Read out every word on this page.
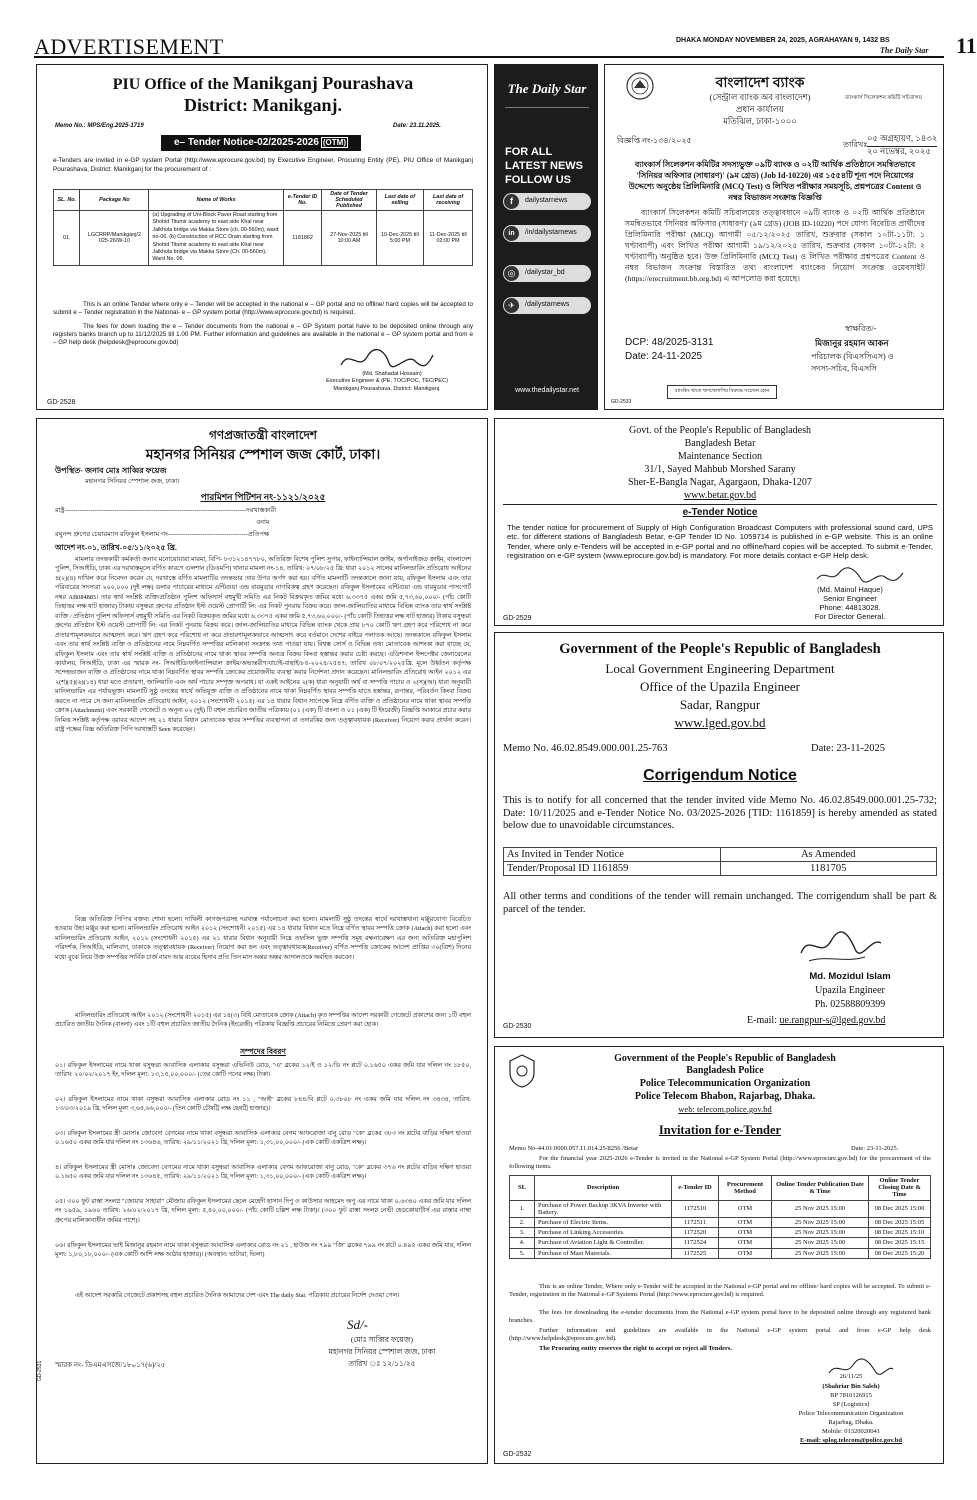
ADVERTISEMENT	DHAKA MONDAY NOVEMBER 24, 2025, AGRAHAYAN 9, 1432 BS
The Daily Star 11
PIU Office of the Manikganj Pourashava
District: Manikganj.
Memo No.: MPS/Eng.2025-1719	Date: 23.11.2025.
e– Tender Notice-02/2025-2026 (OTM)
e-Tenders are invited in e-GP system Portal (http://www.eprocure.gov.bd) by Executive Engineer, Procuring Entity (PE), PIU Office of Manikganj Pourashava, District: Manikganj for the procurement of :
SL. No.	Package No	Name of Works	e-Tender ID No.	Date of Tender Scheduled Published	Last date of selling	Last date of receiving
01.	LGCRRP/Manikganj/2 025-26/W-10	(a) Upgrading of Uni-Block Paver Road starting from Shohid Titumir academy to east side Khal near Jalkhola bridge via Makka Store (ch. 00-560m), ward no-06. (b) Construction of RCC Drain starting from Shohid Titumir academy to east side Khal near Jalkhola bridge via Makka Store (Ch. 00-560m), Ward No. 06.	1181862	27-Nov-2025 till 10:00 AM	10-Dec-2025 till 5:00 PM	11-Dec-2025 till 02:00 PM
This is an online Tender where only e – Tender will be accepted in the national e – GP portal and no offline/ hard copies will be accepted to submit e – Tender registration in the National- e – GP system portal (http://www.eprocure.gov.bd) is required.
The fees for down loading the e – Tender documents from the national e – GP System portal have to be deposited online through any registers banks branch up to 11/12/2025 till 1.00 PM. Further information and guidelines are available in the national e – GP system portal and from e – GP help desk (helpdesk@eprocure.gov.bd)
(Md. Shahadat Hossain)
Executive Engineer & (PE, TOC/POC, TEC/PEC)
Manikganj Pourashava, District: Manikganj.
GD-2528
The Daily Star
FOR ALL LATEST NEWS FOLLOW US
f	dailystarnews
in	/in/dailystarnews
◎	/dailystar_bd
✈	/dailystarnews
www.thedailystar.net
বাংলাদেশ ব্যাংক
(সেন্ট্রাল ব্যাংক অব বাংলাদেশ)
প্রধান কার্যালয়
মতিঝিল, ঢাকা-১০০০
ব্যাংকার্স সিলেকশন কমিটি সচিবালয়
বিজ্ঞপ্তি নং-১৩৪/২০২৫	তারিখঃ
০৫ অগ্রহায়ণ, ১৪৩২
২০ নভেম্বর, ২০২৫
ব্যাংকার্স সিলেকশন কমিটির সদস্যভুক্ত ০৯টি ব্যাংক ও ০২টি আর্থিক প্রতিষ্ঠানে সমন্বিতভাবে 'সিনিয়র অফিসার (সাধারণ)' (৯ম গ্রেড) (Job Id-10220) এর ১৫৫৪টি শূন্য পদে নিয়োগের উদ্দেশ্যে অনুষ্ঠেয় প্রিলিমিনারি (MCQ Test) ও লিখিত পরীক্ষার সময়সূচি, প্রশ্নপত্রের Content ও নম্বর বিভাজন সংক্রান্ত বিজ্ঞপ্তি
ব্যাংকার্স সিলেকশন কমিটি সচিবালয়ের তত্ত্বাবধানে ০৯টি ব্যাংক ও ০২টি আর্থিক প্রতিষ্ঠানে সমন্বিতভাবে 'সিনিয়র অফিসার (সাধারণ)' (৯ম গ্রেড) (JOB ID-10220) পদে যোগ্য বিবেচিত প্রার্থীদের প্রিলিমিনারি পরীক্ষা (MCQ) আগামী ০৫/১২/২০২৫ তারিখ, শুক্রবার (সকাল ১০টা-১১টা: ১ ঘণ্টাব্যাপী) এবং লিখিত পরীক্ষা আগামী ১৯/১২/২০২৫ তারিখ, শুক্রবার (সকাল ১০টা-১২টা: ২ ঘণ্টাব্যাপী) অনুষ্ঠিত হবে। উক্ত প্রিলিমিনারি (MCQ Test) ও লিখিত পরীক্ষার প্রশ্নপত্রের Content ও নম্বর বিভাজন সংক্রান্ত বিস্তারিত তথ্য বাংলাদেশ ব্যাংকের নিয়োগ সংক্রান্ত ওয়েবসাইট (https://erecruitment.bb.org.bd) এ আপলোড করা হয়েছে।
স্বাক্ষরিত/-
DCP: 48/2025-3131
Date: 24-11-2025
মিজানুর রহমান আকন
পরিচালক (বিএসসিএস) ও
সদস্য-সচিব, বিএসসি
ব্যাংকিং খাতে ঋণখেলাপির বিরুদ্ধে সচেতন হোন
GD-2533
গণপ্রজাতন্ত্রী বাংলাদেশ
মহানগর সিনিয়র স্পেশাল জজ কোর্ট, ঢাকা।
উপস্থিত- জনাব মোঃ সাব্বির ফয়েজ
মহানগর সিনিয়র স্পেশাল জজ, ঢাকা।
পারমিশন পিটিশন নং-১১২১/২০২৫
রাষ্ট্র------------------------------------------------------------------------------------দরখাস্তকারী
বনাম
রঘুনন্দ গ্রুপের চেয়ারম্যান রফিকুল ইসলাম গং-------------------------------------প্রতিপক্ষ
আদেশ নং-০১, তারিখ-০৫/১১/২০২৫ খ্রি.
মামলার তদন্তকারী কর্মকর্তা জনাব মনোয়োয়ারা মারমা, বিপি- ৮৩১২১৪৭৭৮০, অতিরিক্ত বিশেষ পুলিশ সুপার, ফাইন্যান্সিয়াল ক্রাইম, অর্গানাইজড ক্রাইম, বাংলাদেশ পুলিশ, সিআইডি, ঢাকা এর দরখাস্তমূলে বর্ণিত কারণে গুলশান (ডিএমপি) থানার মামলা নং-১৪, তারিখ: ০৭/০৮/২৫ খ্রি: ধারা ২০১২ সালের মানিলন্ডারিং প্রতিরোধ আইনের ৪(২)(৪) দাখিল করে নিবেদন করেন যে, দরখাস্তে বর্ণিত মামলাটির তদন্তভার তার উপর অর্পণ করা হয়। বর্ণিত মামলাটি তদন্তকালে জানা যায়, রফিকুল ইসলাম এবং তার পরিবারের সদস্যরা ২০০,০০০ (দুই লক্ষ) ডলার পাচারের মাধ্যমে এন্টিগুয়া এন্ড বারমুডার নাগরিকত্ব গ্রহণ করেছেন। রফিকুল ইসলামের এন্টিগুয়া এন্ড বারমুডার পাসপোর্ট নম্বর AB084885। তার স্বার্থ সংশ্লিষ্ট ব্যক্তি/প্রতিষ্ঠান পুলিশ অফিসার্স বহুমুখী সমিতি এর নিকট বিক্রয়কৃত জমির মধ্যে ৬.৩৩৭৫ একর জমি ৫,৭৩,৬০,০০০/- (পাঁচ কোটি তিহাত্তর লক্ষ ষাট হাজার) টাকায় বসুন্ধরা গ্রুপের প্রতিষ্ঠান ইস্ট ওয়েস্ট প্রোপার্টি লি: এর নিকট পুনরায় বিক্রয় করে। জাল-জালিয়াতির মাধ্যমে বিভিন্ন ব্যাংক তার স্বার্থ সংশ্লিষ্ট ব্যক্তি / প্রতিষ্ঠান পুলিশ অফিসার্স বহুমুখী সমিতি এর নিকট বিক্রয়কৃত জমির মধ্যে ৬.৩৩৭৫ একর জমি ৫,৭৩,৬০,০০০/- (পাঁচ কোটি তিহাত্তর লক্ষ ষাট হাজার) টাকায় বসুন্ধরা গ্রুপের প্রতিষ্ঠান ইস্ট ওয়েস্ট প্রোপার্টি লি: এর নিকট পুনরায় বিক্রয় করে। জাল-জালিয়াতির মাধ্যমে বিভিন্ন ব্যাংক থেকে প্রায় ৮৭০ কোটি ঋণ গ্রহণ করে পরিশোধ না করে প্রতারণামূলকভাবে আত্মসাৎ করে। ঋণ গ্রহণ করে পরিশোধ না করে প্রতারণামূলকভাবে আত্মসাৎ করে বর্তমানে দেশের বাইরে পলাতক আছে। তদন্তকালে রফিকুল ইসলাম এবং তার স্বার্থ সংশ্লিষ্ট ব্যক্তি ও প্রতিষ্ঠানের নামে নিম্নবর্ণিত সম্পত্তির মালিকানা সংক্রান্ত তথ্য পাওয়া যায়। বিশ্বস্ত সোর্স ও বিভিন্ন তথ্য মোতাবেক আশংকা করা যাচ্ছে যে, রফিকুল ইসলাম এবং তার স্বার্থ সংশ্লিষ্ট ব্যক্তি ও প্রতিষ্ঠানের নামে থাকা স্থাবর সম্পত্তি অন্যত্র বিক্রয় কিংবা হস্তান্তর করার চেষ্টা করছে। এডিশনাল ইন্সপেক্টর জেনারেলের কার্যালয়, সিআইডি, ঢাকা এর স্মারক নং- সিআইডি/ফাইন্যান্সিয়াল ক্রাইম/অভ্যন্তরীণ/যাচাই-বাছাই/৮৫-২০২৪/২৫৪৭; তারিখ ০৮/০৭/২০২৫খ্রি. মূলে উর্ধ্বতন কর্তৃপক্ষ সন্দেহভাজন ব্যক্তি ও প্রতিষ্ঠানের নামে থাকা নিম্নবর্ণিত স্থাবর সম্পত্তি ক্রোকের প্রয়োজনীয় ব্যবস্থা করার নির্দেশনা প্রদান করেছেন। মানিলন্ডারিং প্রতিরোধ আইন ২০১২ এর ২(শ)(৫)(৬)(১৪) ধারা মতে প্রতারণা, জালিয়াতি এবং অর্থ পাচার সম্পৃক্ত অপরাধ। যা একই আইনের ২(ক) ধারা অনুযায়ী অর্থ বা সম্পত্তি পাচার ও ২(স)(আ) ধারা অনুযায়ী মানিলন্ডারিং এর পর্যায়ভুক্ত। মামলাটি সুষ্ঠু তদন্তের স্বার্থে অভিযুক্ত ব্যক্তি ও প্রতিষ্ঠানের নামে থাকা নিম্নবর্ণিত স্থাবর সম্পত্তি যাতে হস্তান্তর, রূপান্তর, পরিবর্তন কিংবা বিক্রয় করতে না পারে সে জন্য মানিলন্ডারিং প্রতিরোধ আইন, ২০১২ (সংশোধনী ২০১৫) এর ১৪ ধারার বিধান সাপেক্ষে নিম্নে বর্ণিত ব্যক্তি ও প্রতিষ্ঠানের নামে থাকা স্থাবর সম্পত্তি ক্রোক (Attachment) এবং সরকারী গেজেটে ও অনূন্য ০২ (দুই) টি বহুল প্রচারিত জাতীয় পত্রিকায় (০১ (এক) টি বাংলা ও ০১ (এক) টি ইংরেজী) বিজ্ঞপ্তি আকারে প্রচার করার নিমিত্ত সংশ্লিষ্ট কর্তৃপক্ষ বরাবর আদেশ সহ ২১ ধারার বিধান মোতাবেক স্থাবর সম্পত্তির ব্যবস্থাপনা বা তদারকির জন্য তত্ত্বাবধায়ক (Receiver) নিয়োগ করার প্রার্থনা করেন। রাষ্ট্র পক্ষের বিজ্ঞ অতিরিক্ত পিপি দরখাস্তটি Seen করেছেন।
বিজ্ঞ অতিরিক্ত পিপি'র বক্তব্য শোনা হলো। দাখিলী কাগজপত্রসহ দরখাস্ত পর্যালোচনা করা হলো। মামলাটি সুষ্ঠু তদন্তের স্বার্থে দরখাস্তখানা মঞ্জুরযোগ্য বিবেচিত হওয়ায় উহা মঞ্জুর করা হলো। মানিলন্ডারিং প্রতিরোধ আইন ২০১২ (সংশোধনী ২০১৫) এর ১৪ ধারার বিধান মতে নিম্নে বর্ণিত স্থাবর সম্পত্তি ক্রোক (Attach) করা হলো এবং মানিলন্ডারিং প্রতিরোধ আইন, ২০১২ (সংশোধনী ২০১৫) এর ২১ ধারার বিধান অনুযায়ী নিম্নে তফসিল ভুক্ত সম্পত্তি সমূহ রক্ষনাবেক্ষণ এর জন্য অতিরিক্ত মহাপুলিশ পরিদর্শক, সিআইডি, মালিবাগ, ঢাকাকে তত্ত্বাবধায়ক (Receiver) নিয়োগ করা হল এবং তত্ত্বাবধায়ক(Receiver) বর্ণিত সম্পত্তি ক্রোকের আদেশ প্রাপ্তির ৩০(ত্রিশ) দিনের মধ্যে বুঝে নিয়ে উক্ত সম্পত্তির সার্বিক চার্জ বাবদ আয় ব্যয়ের হিসাব প্রতি তিন মাস অন্তর অন্তর আদালতকে অবহিত করবেন।
মানিলন্ডারিং প্রতিরোধ আইন ২০১২ (সংশোধনী ২০১৫) এর ১৪(৩) বিধি মোতাবেক ক্রোক (Attach) কৃত সম্পত্তির আদেশ সরকারী গেজেটে প্রকাশের জন্য ১টি বহুল প্রচারিত জাতীয় দৈনিক (বাংলা) এবং ১টি বহুল প্রচারিত জাতীয় দৈনিক (ইংরেজী) পত্রিকায় বিজ্ঞপ্তি প্রচারের নিমিত্তে প্রেরণ করা হোক।
সম্পদের বিবরণ
০১। রফিকুল ইসলামের নামে থাকা বসুন্ধরা আবাসিক এলাকার বসুন্ধরা এভিনিউ রোড, "এ" ব্লকের ১২/ই ও ১২/ডি নং প্লটে ০.১৬৫০ একর জমি যার দলিল নং ১৮৫০, তারিখ: ২০/০২/২০১৭ ইং, দলিল মূল্য: ১৩,১৫,০০,০০০/- (তের কোটি পনের লক্ষ) টাকা।
০২। রফিকুল ইসলামের নামে থাকা বসুন্ধরা আবাসিক এলাকার রোড নং ১১ , "আই" ব্লকের ৮৪৪/বি প্লটে ০.৩৮০৮ নং একর জমি যার দলিল নং ৩৪৩৪, তারিখ: ১৩/০৩/২০১৯ খ্রি, দলিল মূল্য ৩,৬৪,৬৬,০০০/- (তিন কোটি চৌষট্টি লক্ষ ছেষট্টি হাজার)।
০৩। রফিকুল ইসলামের স্ত্রী মোসাঃ জোবেদা বেগমের নামে থাকা বসুন্ধরা আবাসিক এলাকার বেগম আফরোজা বানু রোড "কে" ব্লকের ৩৮৩ নং প্লটের বাড়ির দক্ষিণ হাওয়া ০.১৬৫০ একর জমি যার দলিল নং ১৩৬৪৬, তারিখ: ২৯/১১/২০২১ খ্রি, দলিল মূল্য: ১,৩১,০০,০০০/- (এক কোটি একত্রিশ লক্ষ)।
৪। রফিকুল ইসলামের স্ত্রী মোসাঃ জোবেদা বেগমের নামে থাকা বসুন্ধরা আবাসিক এলাকার বেগম আফরোজা বানু রোড, "কে" ব্লকের ৩৭৬ নং প্লটের বাড়ির দক্ষিণ হাওয়া ০.১৬৫০ একর জমি যার দলিল নং ১৩৬৪৫, তারিখ: ২৯/১১/২০২১ খ্রি, দলিল মূল্য: ১,৩১,০০,০০০/- (এক কোটি একত্রিশ লক্ষ)।
০৫। ৩০০ ফুট রাস্তা সংলগ্ন "জোয়ার সাহারা" মৌজায় রফিকুল ইসলামের ছেলে মেহেদী হাসান দিপু ও কাউসার আহমেদ অপু এর নামে থাকা ০.৬৩৪০ একর জমি যার দলিল নং ১৯৫৯, ১৯৬০ তারিখ: ২৬/০২/২০১৭ খ্রি, দলিল মূল্য: ৫,৪০,০০,০০০/- (পাঁচ কোটি চল্লিশ লক্ষ টাকা)। (৩০০ ফুট রাস্তা সংলগ্ন নেভী হেডকোয়ার্টার্স এর রাস্তার নাম্বা গ্রুপের মালিকানাধীন জমির পাশে)।
০৬। রফিকুল ইসলামের ভাই মিজানুর রহমান নামে থাকা বসুন্ধরা আবাসিক এলাকার রোড নং ২১ , হাউজ নং ৭৯৯ "জি" ব্লকের ৭৯৯ নং প্লটে ০.৪৯৫ একর জমি যার, দলিল মূল্য: ১,৮০,১৮,০০০/- (এক কোটি আশি লক্ষ আঠার হাজার)। (অবস্থান: ভাটারা, ভিলা)
এই আদেশ সরকারি গেজেটে প্রকাশসহ বহুল প্রচারিত দৈনিক আমাদের দেশ এবং The daily Star. পত্রিকায় প্রচারের নির্দেশ দেওয়া গেল।
Sd/-
(মোঃ সাব্বির ফয়েজ)
মহানগর সিনিয়র স্পেশাল জজ, ঢাকা
স্মারক নং- ডিএমএসজে/১৮০১৭(৬)/২৫	তারিখ ঃ ১২/১১/২৫
GD-2531
Govt. of the People's Republic of Bangladesh
Bangladesh Betar
Maintenance Section
31/1, Sayed Mahbub Morshed Sarany
Sher-E-Bangla Nagar, Agargaon, Dhaka-1207
www.betar.gov.bd
e-Tender Notice
The tender notice for procurement of Supply of High Configuration Broadcast Computers with professional sound card, UPS etc. for different stations of Bangladesh Betar, e-GP Tender ID No. 1059714 is published in e-GP website. This is an online Tender, where only e-Tenders will be accepted in e-GP portal and no offline/hard copies will be accepted. To submit e-Tender, registration on e-GP system (www.eprocure.gov.bd) is mandatory. For more details contact e-GP Help desk.
(Md. Mainul Haque)
Senior Engineer
Phone: 44813028.
For Director General.
GD-2529
Government of the People's Republic of Bangladesh
Local Government Engineering Department
Office of the Upazila Engineer
Sadar, Rangpur
www.lged.gov.bd
Memo No. 46.02.8549.000.001.25-763	Date: 23-11-2025
Corrigendum Notice
This is to notify for all concerned that the tender invited vide Memo No. 46.02.8549.000.001.25-732; Date: 10/11/2025 and e-Tender Notice No. 03/2025-2026 [TID: 1161859] is hereby amended as stated below due to unavoidable circumstances.
As Invited in Tender Notice	As Amended
Tender/Proposal ID 1161859	1181705
All other terms and conditions of the tender will remain unchanged. The corrigendum shall be part & parcel of the tender.
Md. Mozidul Islam
Upazila Engineer
Ph. 02588809399
E-mail: ue.rangpur-s@lged.gov.bd
GD-2530
Government of the People's Republic of Bangladesh
Bangladesh Police
Police Telecommunication Organization
Police Telecom Bhabon, Rajarbag, Dhaka.
web: telecom.police.gov.bd
Invitation for e-Tender
Memo No-44.01.0000.057.11.014.25/8256 /Betar	Date: 23-11-2025.
For the financial year 2025-2026 e-Tender is invited in the National e-GP System Portal (http://www.eprocure.gov.bd) for the procurement of the following items.
SL	Description	e-Tender ID	Procurement Method	Online Tender Publication Date & Time	Online Tender Closing Date & Time
1.	Purchase of Power Backup 3KVA Inverter with Battery.	1172510	OTM	25 Nov 2025 15:00	08 Dec 2025 15:00
2.	Purchase of Electric Items.	1172511	OTM	25 Nov 2025 15:00	08 Dec 2025 15:05
3.	Purchase of Linking Accessories.	1172520	OTM	25 Nov 2025 15:00	08 Dec 2025 15:10
4.	Purchase of Aviation Light & Controller.	1172524	OTM	25 Nov 2025 15:00	08 Dec 2025 15:15
5.	Purchase of Mast Materials.	1172525	OTM	25 Nov 2025 15:00	08 Dec 2025 15:20
This is an online Tender, Where only e-Tender will be accepted in the National e-GP portal and no offline/ hard copies will be accepted. To submit e-Tender, registration in the National e-GP Systems Portal (http://www.eprocure.gov.bd) is required.
The fees for downloading the e-tender documents from the National e-GP system portal have to be deposited online through any registered bank branches.
Further information and guidelines are available in the National e-GP system portal and from e-GP help desk (http://www.helpdesk@eprocure.gov.bd).
The Procuring entity reserves the right to accept or reject all Tenders.
26/11/25
(Shahriar Bin Saleh)
BP 7810126915
SP (Logistics)
Police Telecommunication Organization
Rajarbag, Dhaka.
Mobile: 01320020041
E-mail: splog.telecom@police.gov.bd
GD-2532
